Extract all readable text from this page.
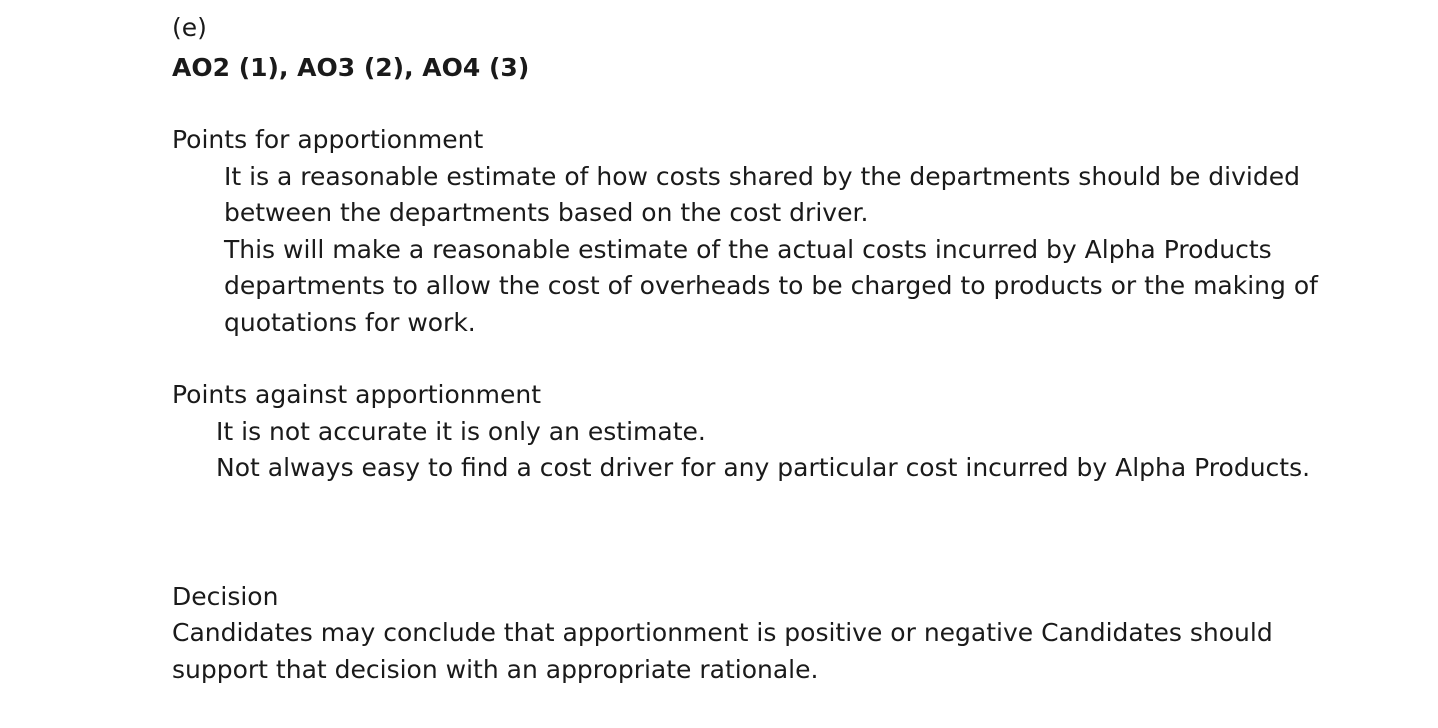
(e)
AO2 (1), AO3 (2), AO4 (3)
Points for apportionment
It is a reasonable estimate of how costs shared by the departments should be divided between the departments based on the cost driver.
This will make a reasonable estimate of the actual costs incurred by Alpha Products departments to allow the cost of overheads to be charged to products or the making of quotations for work.
Points against apportionment
It is not accurate it is only an estimate.
Not always easy to find a cost driver for any particular cost incurred by Alpha Products.
Decision
Candidates may conclude that apportionment is positive or negative Candidates should support that decision with an appropriate rationale.
